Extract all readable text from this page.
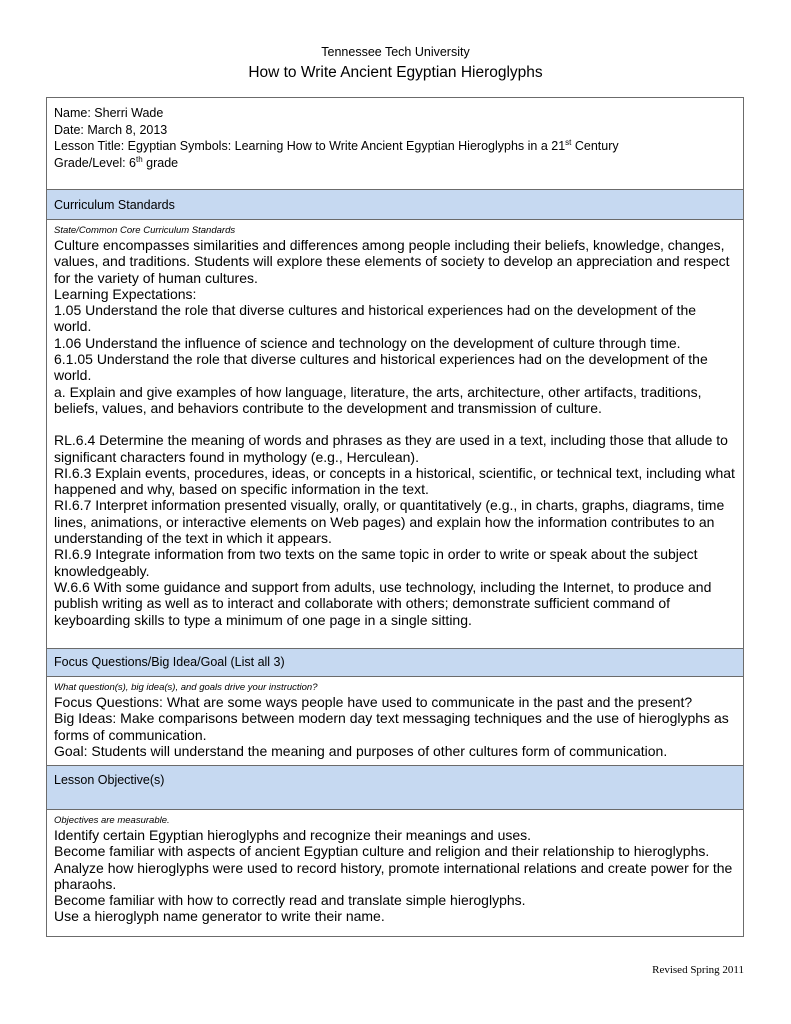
Tennessee Tech University
How to Write Ancient Egyptian Hieroglyphs
Name: Sherri Wade
Date: March 8, 2013
Lesson Title: Egyptian Symbols: Learning How to Write Ancient Egyptian Hieroglyphs in a 21st Century
Grade/Level: 6th grade
Curriculum Standards
State/Common Core Curriculum Standards
Culture encompasses similarities and differences among people including their beliefs, knowledge, changes, values, and traditions. Students will explore these elements of society to develop an appreciation and respect for the variety of human cultures.
Learning Expectations:
1.05 Understand the role that diverse cultures and historical experiences had on the development of the world.
1.06 Understand the influence of science and technology on the development of culture through time.
6.1.05 Understand the role that diverse cultures and historical experiences had on the development of the world.
a. Explain and give examples of how language, literature, the arts, architecture, other artifacts, traditions, beliefs, values, and behaviors contribute to the development and transmission of culture.
RL.6.4 Determine the meaning of words and phrases as they are used in a text, including those that allude to significant characters found in mythology (e.g., Herculean).
RI.6.3 Explain events, procedures, ideas, or concepts in a historical, scientific, or technical text, including what happened and why, based on specific information in the text.
RI.6.7 Interpret information presented visually, orally, or quantitatively (e.g., in charts, graphs, diagrams, time lines, animations, or interactive elements on Web pages) and explain how the information contributes to an understanding of the text in which it appears.
RI.6.9 Integrate information from two texts on the same topic in order to write or speak about the subject knowledgeably.
W.6.6 With some guidance and support from adults, use technology, including the Internet, to produce and publish writing as well as to interact and collaborate with others; demonstrate sufficient command of keyboarding skills to type a minimum of one page in a single sitting.
Focus Questions/Big Idea/Goal (List all 3)
What question(s), big idea(s), and goals drive your instruction?
Focus Questions: What are some ways people have used to communicate in the past and the present?
Big Ideas: Make comparisons between modern day text messaging techniques and the use of hieroglyphs as forms of communication.
Goal: Students will understand the meaning and purposes of other cultures form of communication.
Lesson Objective(s)
Objectives are measurable.
Identify certain Egyptian hieroglyphs and recognize their meanings and uses.
Become familiar with aspects of ancient Egyptian culture and religion and their relationship to hieroglyphs.
Analyze how hieroglyphs were used to record history, promote international relations and create power for the pharaohs.
Become familiar with how to correctly read and translate simple hieroglyphs.
Use a hieroglyph name generator to write their name.
Revised Spring 2011
